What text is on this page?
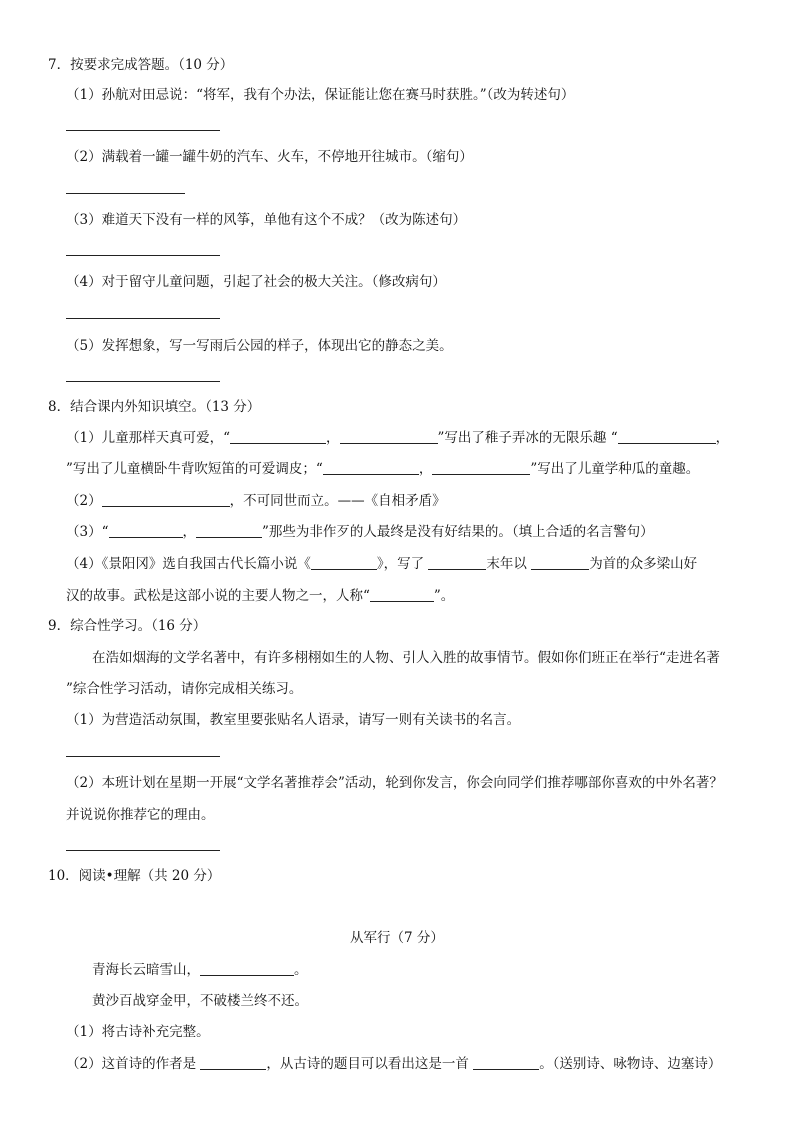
7．按要求完成答题。（10 分）
（1）孙航对田忌说：“将军，我有个办法，保证能让您在赛马时获胜。”（改为转述句）
（2）满载着一罐一罐牛奶的汽车、火车，不停地开往城市。（缩句）
（3）难道天下没有一样的风筝，单他有这个不成？（改为陈述句）
（4）对于留守儿童问题，引起了社会的极大关注。（修改病句）
（5）发挥想象，写一写雨后公园的样子，体现出它的静态之美。
8．结合课内外知识填空。（13 分）
（1）儿童那样天真可爱，“	，	”写出了稚子弄冰的无限乐趣 “	，
”写出了儿童横卧牛背吹短笛的可爱调皮；“	，	”写出了儿童学种瓜的童趣。
（2）	，不可同世而立。——《自相矛盾》
（3）“	，	”那些为非作歹的人最终是没有好结果的。（填上合适的名言警句）
（4）《景阳冈》选自我国古代长篇小说《	》，写了	末年以	为首的众多梁山好
汉的故事。武松是这部小说的主要人物之一，人称“	”。
9．综合性学习。（16 分）
在浩如烟海的文学名著中，有许多栩栩如生的人物、引人入胜的故事情节。假如你们班正在举行“走进名著
”综合性学习活动，请你完成相关练习。
（1）为营造活动氛围，教室里要张贴名人语录，请写一则有关读书的名言。
（2）本班计划在星期一开展“文学名著推荐会”活动，轮到你发言，你会向同学们推荐哪部你喜欢的中外名著？
并说说你推荐它的理由。
10．阅读•理解（共 20 分）
从军行（7 分）
青海长云暗雪山，	。
黄沙百战穿金甲，不破楼兰终不还。
（1）将古诗补充完整。
（2）这首诗的作者是	，从古诗的题目可以看出这是一首	。（送别诗、咏物诗、边塞诗）
